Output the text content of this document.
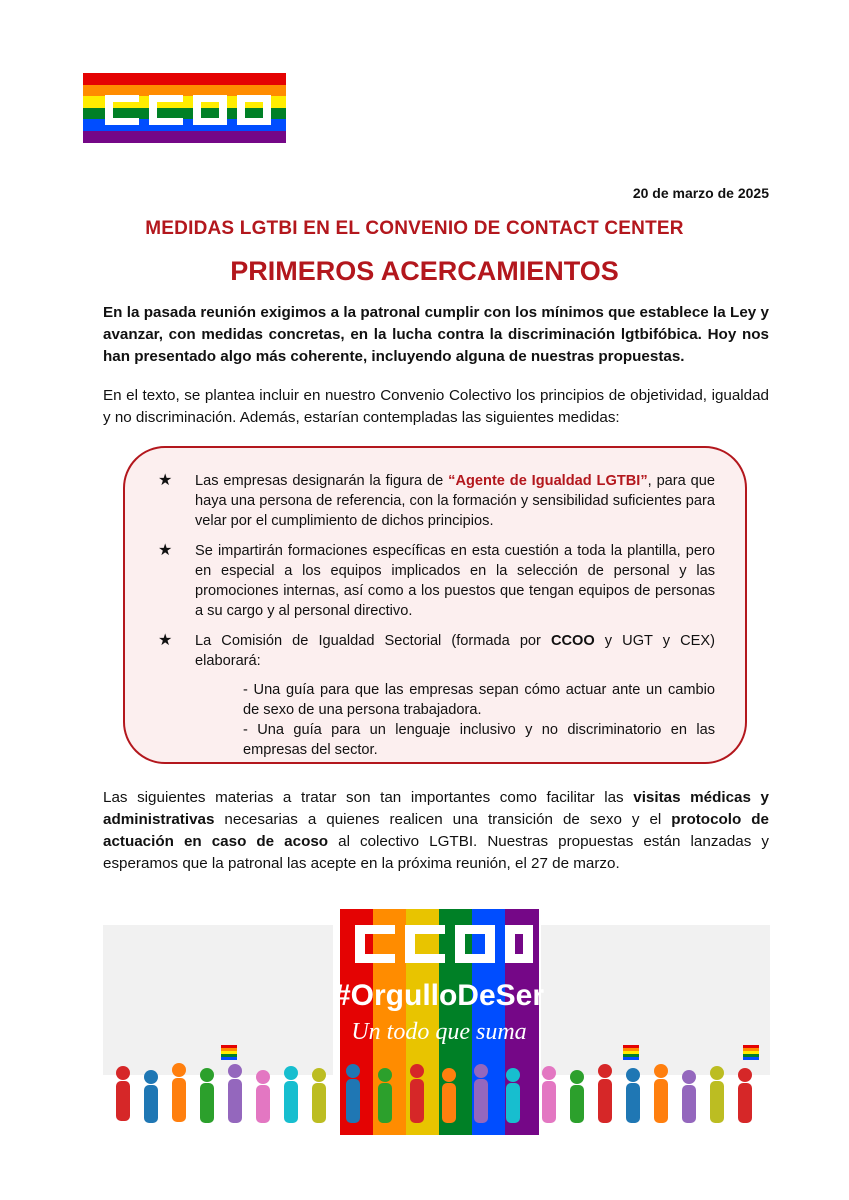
20 de marzo de 2025
MEDIDAS LGTBI EN EL CONVENIO DE CONTACT CENTER
PRIMEROS ACERCAMIENTOS
En la pasada reunión exigimos a la patronal cumplir con los mínimos que establece la Ley y avanzar, con medidas concretas, en la lucha contra la discriminación lgtbifóbica. Hoy nos han presentado algo más coherente, incluyendo alguna de nuestras propuestas.
En el texto, se plantea incluir en nuestro Convenio Colectivo los principios de objetividad, igualdad y no discriminación. Además, estarían contempladas las siguientes medidas:
★ Las empresas designarán la figura de “Agente de Igualdad LGTBI”, para que haya una persona de referencia, con la formación y sensibilidad suficientes para velar por el cumplimiento de dichos principios.
★ Se impartirán formaciones específicas en esta cuestión a toda la plantilla, pero en especial a los equipos implicados en la selección de personal y las promociones internas, así como a los puestos que tengan equipos de personas a su cargo y al personal directivo.
★ La Comisión de Igualdad Sectorial (formada por CCOO y UGT y CEX) elaborará:
- Una guía para que las empresas sepan cómo actuar ante un cambio de sexo de una persona trabajadora.
- Una guía para un lenguaje inclusivo y no discriminatorio en las empresas del sector.
Las siguientes materias a tratar son tan importantes como facilitar las visitas médicas y administrativas necesarias a quienes realicen una transición de sexo y el protocolo de actuación en caso de acoso al colectivo LGTBI. Nuestras propuestas están lanzadas y esperamos que la patronal las acepte en la próxima reunión, el 27 de marzo.
#OrgulloDeSer
Un todo que suma
